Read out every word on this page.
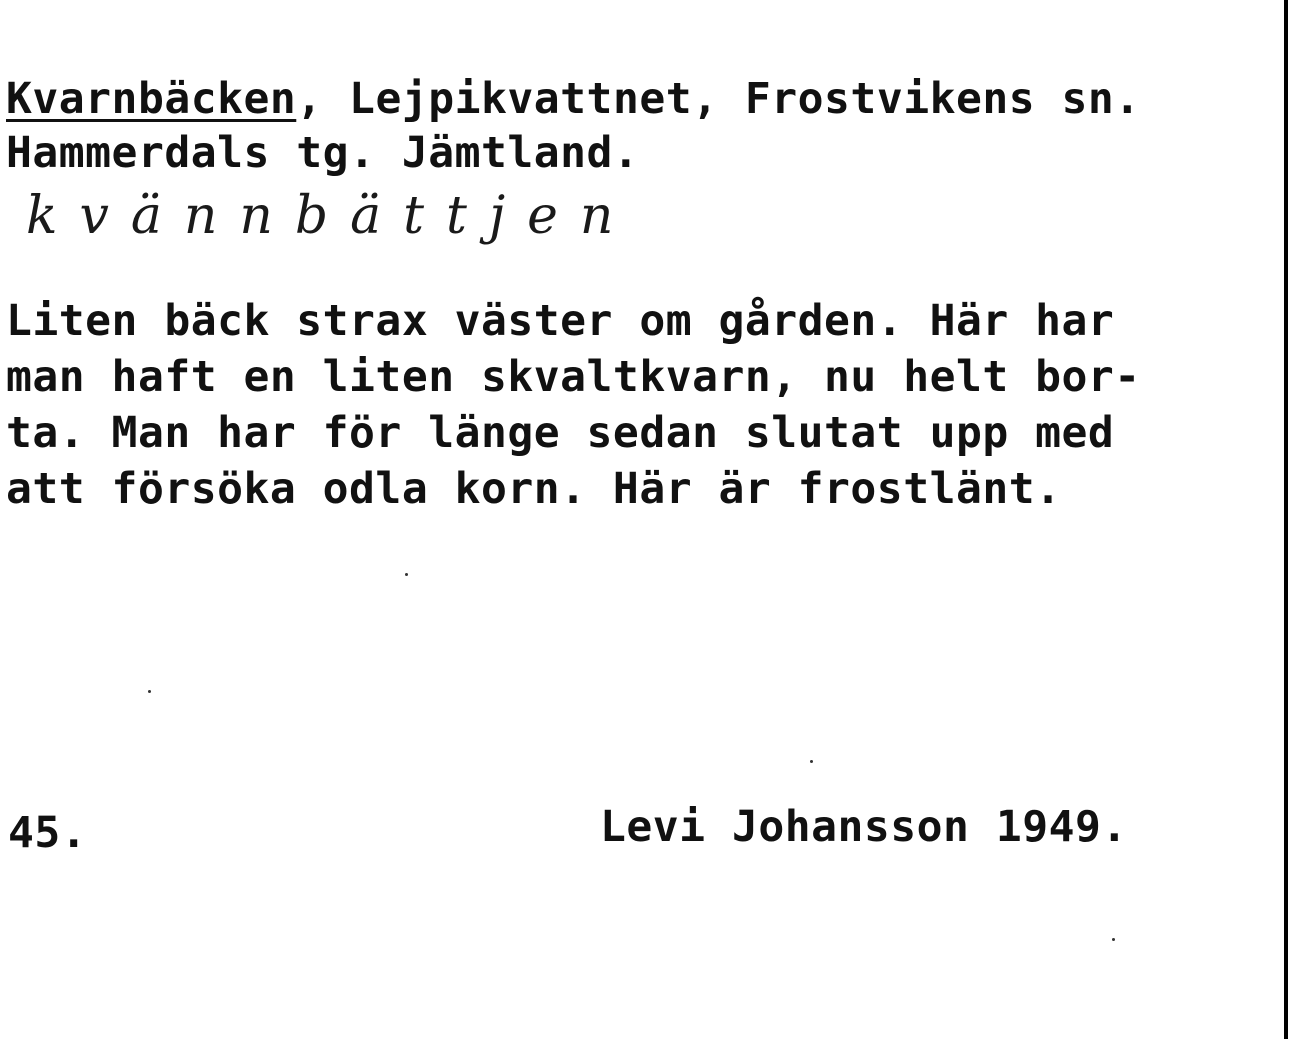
Kvarnbäcken, Lejpikvattnet, Frostvikens sn.

Hammerdals tg. Jämtland.

kvännbättjen

Liten bäck strax väster om gården. Här har
man haft en liten skvaltkvarn, nu helt bor-
ta. Man har för länge sedan slutat upp med
att försöka odla korn. Här är frostlänt.

45.	Levi Johansson 1949.
